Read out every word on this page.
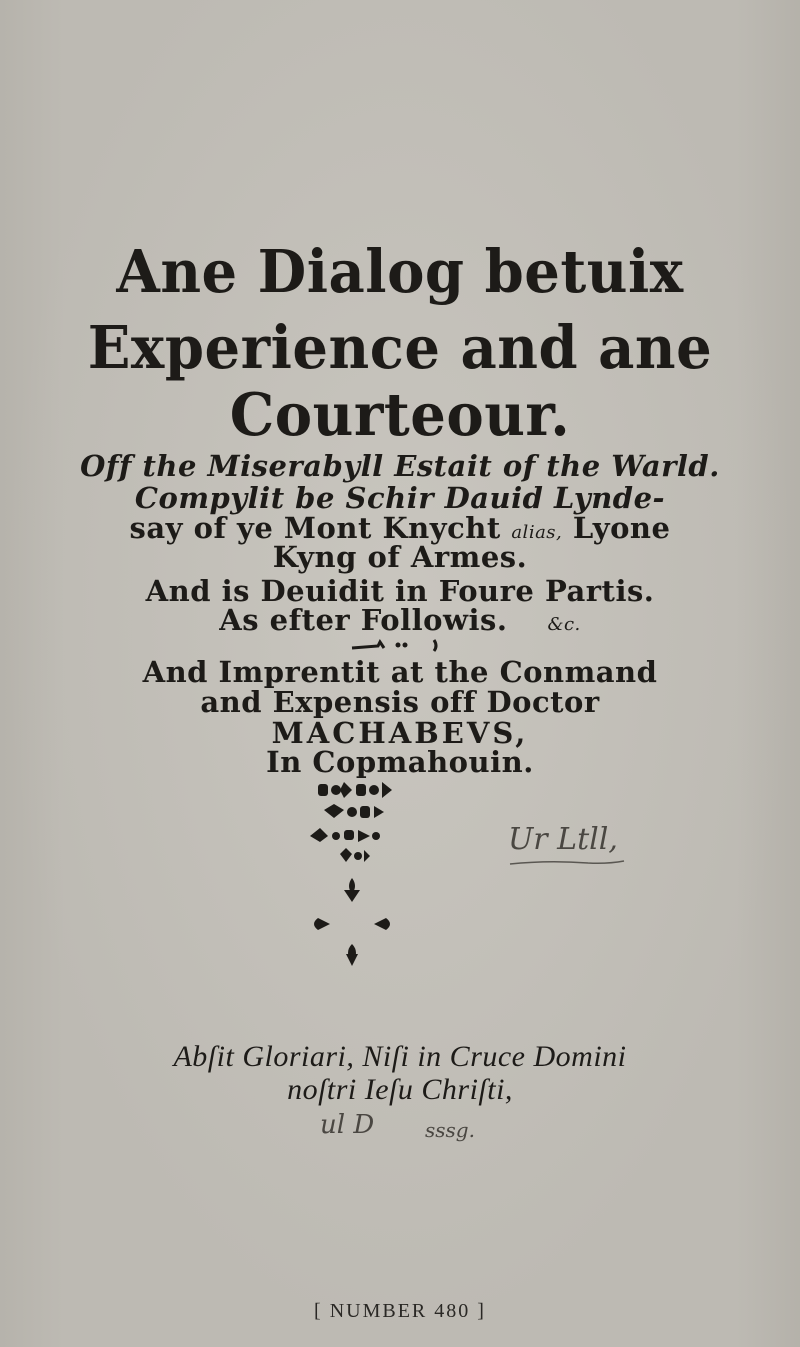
Ane Dialog betuix
Experience and ane
Courteour.
Off the Miserabyll Estait of the Warld.
Compylit be Schir Dauid Lynde-
say of ye Mont Knycht alias, Lyone
Kyng of Armes.
And is Deuidit in Foure Partis.
As efter Followis. &c.
And Imprentit at the Conmand
and Expensis off Doctor
MACHABEVS,
In Copmahouin.
Ur Ltll,
Abſit Gloriari, Niſi in Cruce Domini
noſtri Ieſu Chriſti,
ul D	sssg.
[ NUMBER 480 ]
